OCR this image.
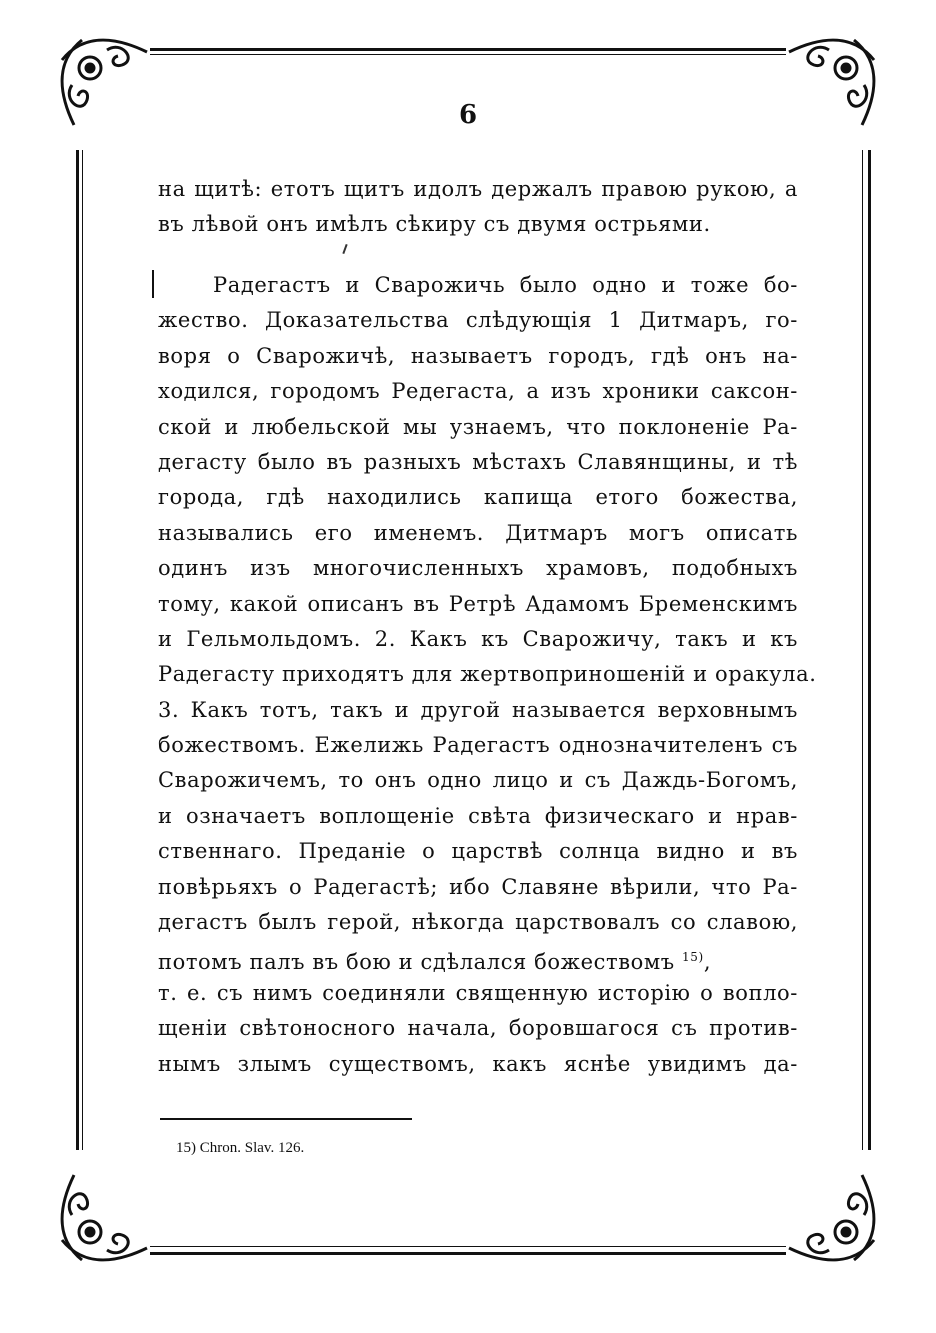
6
на щитѣ: етотъ щитъ идолъ держалъ правою рукою, а
въ лѣвой онъ имѣлъ сѣкиру съ двумя острьями.
Радегастъ и Сварожичь было одно и тоже бо-
жество. Доказательства слѣдующія 1 Дитмаръ, го-
воря о Сварожичѣ, называетъ городъ, гдѣ онъ на-
ходился, городомъ Редегаста, а изъ хроники саксон-
ской и любельской мы узнаемъ, что поклоненіе Ра-
дегасту было въ разныхъ мѣстахъ Славянщины, и тѣ
города, гдѣ находились капища етого божества,
назывались его именемъ. Дитмаръ могъ описать
одинъ изъ многочисленныхъ храмовъ, подобныхъ
тому, какой описанъ въ Ретрѣ Адамомъ Бременскимъ
и Гельмольдомъ. 2. Какъ къ Сварожичу, такъ и къ
Радегасту приходятъ для жертвоприношеній и оракула.
3. Какъ тотъ, такъ и другой называется верховнымъ
божествомъ. Ежелижь Радегастъ однозначителенъ съ
Сварожичемъ, то онъ одно лицо и съ Даждь-Богомъ,
и означаетъ воплощеніе свѣта физическаго и нрав-
ственнаго. Преданіе о царствѣ солнца видно и въ
повѣрьяхъ о Радегастѣ; ибо Славяне вѣрили, что Ра-
дегастъ былъ герой, нѣкогда царствовалъ со славою,
потомъ палъ въ бою и сдѣлался божествомъ $^{15)}$,
т. е. съ нимъ соединяли священную исторію о вопло-
щеніи свѣтоносного начала, боровшагося съ против-
нымъ злымъ существомъ, какъ яснѣе увидимъ да-
15) Chron. Slav. 126.
